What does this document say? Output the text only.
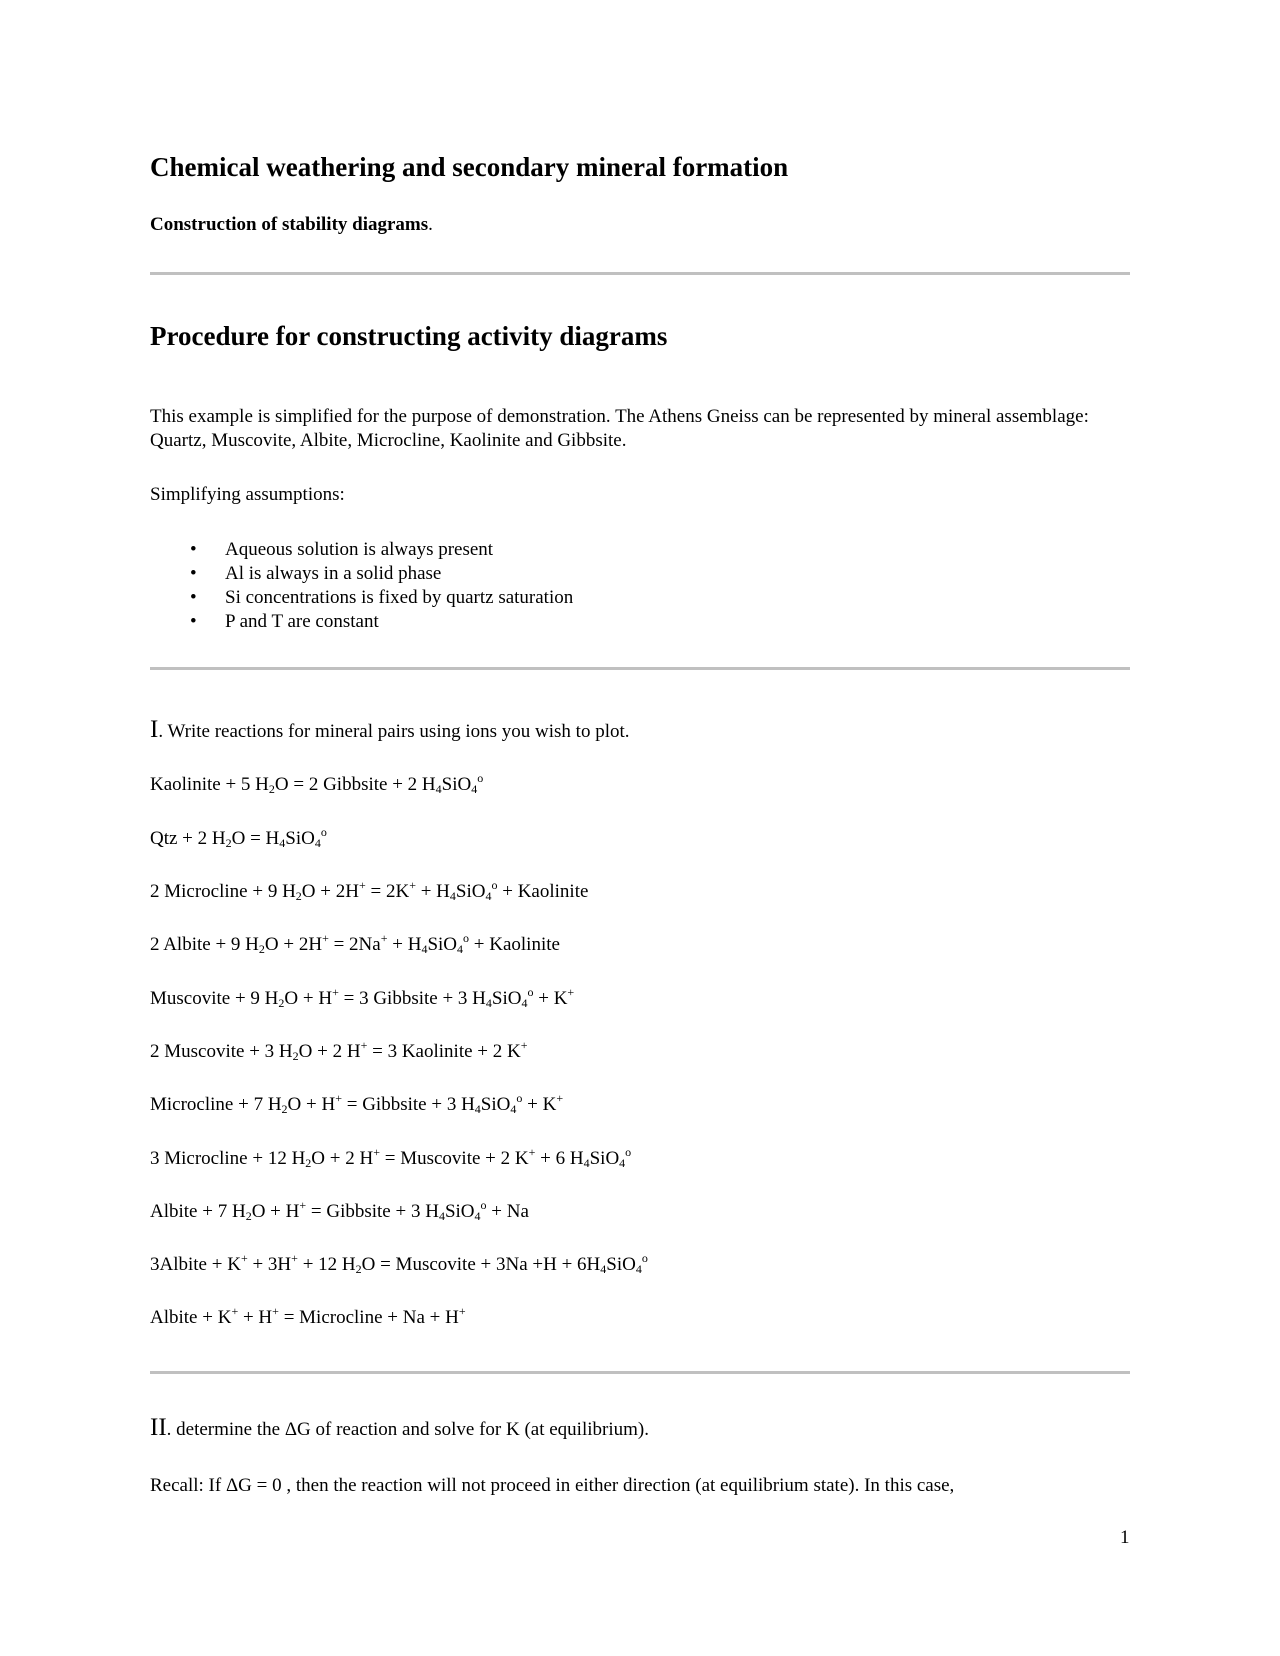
Chemical weathering and secondary mineral formation

Construction of stability diagrams.

Procedure for constructing activity diagrams

This example is simplified for the purpose of demonstration. The Athens Gneiss can be represented by mineral assemblage: Quartz, Muscovite, Albite, Microcline, Kaolinite and Gibbsite.

Simplifying assumptions:

• Aqueous solution is always present
• Al is always in a solid phase
• Si concentrations is fixed by quartz saturation
• P and T are constant

I. Write reactions for mineral pairs using ions you wish to plot.

Kaolinite + 5 $H_2O = 2$ Gibbsite + 2 $H_4SiO_4^o$

Qtz + 2 $H_2O = H_4SiO_4^o$

2 Microcline + 9 $H_2O + 2H^+ = 2K^+ + H_4SiO_4^o$ + Kaolinite

2 Albite + 9 $H_2O + 2H^+ = 2Na^+ + H_4SiO_4^o$ + Kaolinite

Muscovite + 9 $H_2O + H^+ = 3$ Gibbsite + 3 $H_4SiO_4^o + K^+$

2 Muscovite + 3 $H_2O + 2$ H+ = 3 Kaolinite + 2 K+

Microcline + 7 $H_2O + H^+$ = Gibbsite + 3 $H_4SiO_4^o + K^+$

3 Microcline + 12 $H_2O + 2$ H+ = Muscovite + 2 K+ + 6 $H_4SiO_4^o$

Albite + 7 $H_2O + H^+$ = Gibbsite + 3 $H_4SiO_4^o + Na$

3Albite + K+ + 3H+ + 12 $H_2O$ = Muscovite + $3Na +H + 6H_4SiO_4^o$

Albite + K+ + H+ = Microcline + Na + H+

II. determine the ΔG of reaction and solve for K (at equilibrium).

Recall: If ΔG = 0 , then the reaction will not proceed in either direction (at equilibrium state). In this case,

1
